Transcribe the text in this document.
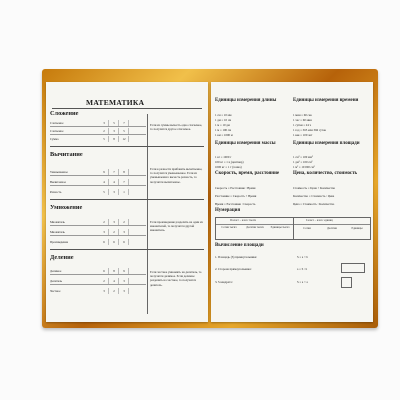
МАТЕМАТИКА
Сложение
Слагаемое	3	5	7
Слагаемое	2	3	5
Сумма	5	8	12
Если из суммы вычесть одно слагаемое, то получится другое слагаемое.
Вычитание
Уменьшаемое	9	7	8
Вычитаемое	4	4	7
Разность	5	3	1
Если к разности прибавить вычитаемое, то получится уменьшаемое. Если из уменьшаемого вычесть разность, то получится вычитаемое.
Умножение
Множитель	2	3	2
Множитель	3	2	3
Произведение	6	6	6
Если произведение разделить на один из множителей, то получится другой множитель.
Деление
Делимое	6	8	9
Делитель	2	4	3
Частное	3	2	3
Если частное умножить на делитель, то получится делимое. Если делимое разделить на частное, то получится делитель.
Единицы измерения длины
1 см = 10 мм
1 дм = 10 см
1 м = 10 дм
1 м = 100 см
1 км = 1000 м
Единицы измерения времени
1 мин = 60 сек
1 час = 60 мин
1 сутки = 24 ч
1 год = 365 или 366 суток
1 век = 100 лет
Единицы измерения массы
1 кг = 1000 г
100 кг = 1 ц (центнер)
1000 кг = 1 т (тонна)
Единицы измерения площади
1 см² = 100 мм²
1 дм² = 100 см²
1 м² = 10 000 см²
Скорость, время, расстояние
Скорость = Расстояние : Время
Расстояние = Скорость × Время
Время = Расстояние : Скорость
Цена, количество, стоимость
Стоимость = Цена × Количество
Количество = Стоимость : Цена
Цена = Стоимость : Количество
Нумерация
II класс – класс тысяч	I класс – класс единиц
Сотни тысяч	Десятки тысяч	Единицы тысяч	Сотни	Десятки	Единицы
Вычисление площади
1. Площадь (S) прямоугольника:	S = a × b
2. Сторона прямоугольника:	a = S : b
3. S квадрата:	S = a × a
